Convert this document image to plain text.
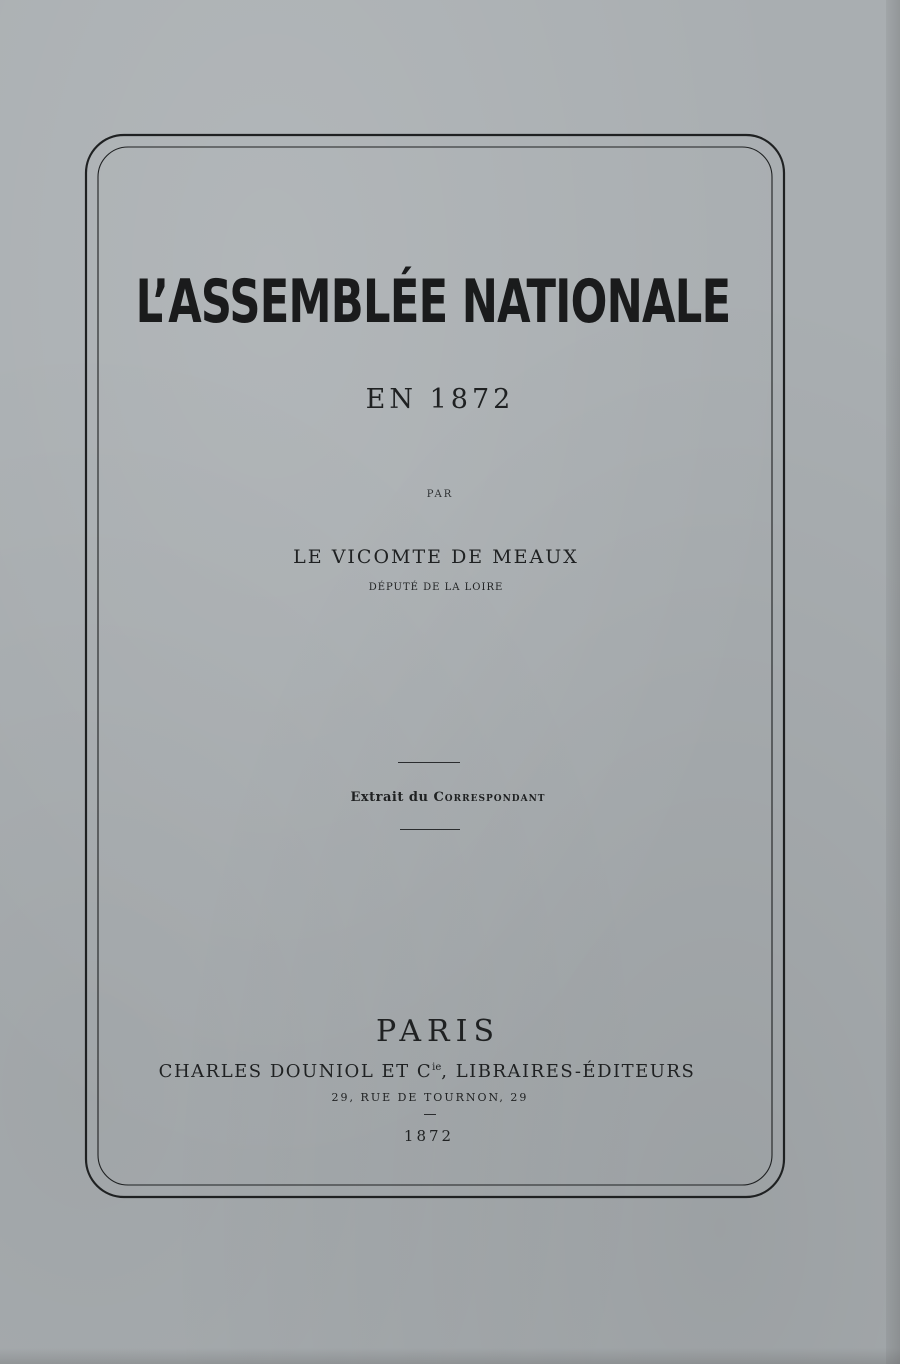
L’ASSEMBLÉE NATIONALE
EN 1872
PAR
LE VICOMTE DE MEAUX
DÉPUTÉ DE LA LOIRE
Extrait du Correspondant
PARIS
CHARLES DOUNIOL ET $C^{ie}$, LIBRAIRES-ÉDITEURS
29, RUE DE TOURNON, 29
1872
